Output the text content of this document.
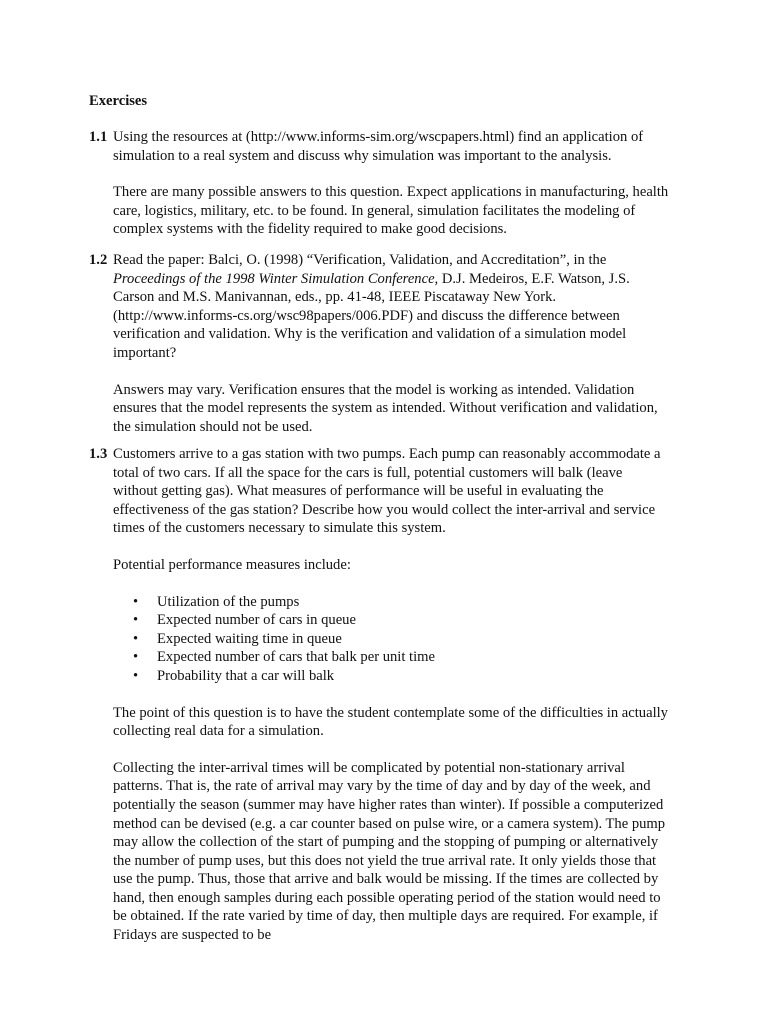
Exercises
1.1 Using the resources at (http://www.informs-sim.org/wscpapers.html) find an application of simulation to a real system and discuss why simulation was important to the analysis.

There are many possible answers to this question. Expect applications in manufacturing, health care, logistics, military, etc. to be found. In general, simulation facilitates the modeling of complex systems with the fidelity required to make good decisions.

1.2 Read the paper: Balci, O. (1998) “Verification, Validation, and Accreditation”, in the Proceedings of the 1998 Winter Simulation Conference, D.J. Medeiros, E.F. Watson, J.S. Carson and M.S. Manivannan, eds., pp. 41-48, IEEE Piscataway New York. (http://www.informs-cs.org/wsc98papers/006.PDF) and discuss the difference between verification and validation. Why is the verification and validation of a simulation model important?

Answers may vary. Verification ensures that the model is working as intended. Validation ensures that the model represents the system as intended. Without verification and validation, the simulation should not be used.

1.3 Customers arrive to a gas station with two pumps. Each pump can reasonably accommodate a total of two cars. If all the space for the cars is full, potential customers will balk (leave without getting gas). What measures of performance will be useful in evaluating the effectiveness of the gas station? Describe how you would collect the inter-arrival and service times of the customers necessary to simulate this system.

Potential performance measures include:

• Utilization of the pumps
• Expected number of cars in queue
• Expected waiting time in queue
• Expected number of cars that balk per unit time
• Probability that a car will balk

The point of this question is to have the student contemplate some of the difficulties in actually collecting real data for a simulation.

Collecting the inter-arrival times will be complicated by potential non-stationary arrival patterns. That is, the rate of arrival may vary by the time of day and by day of the week, and potentially the season (summer may have higher rates than winter). If possible a computerized method can be devised (e.g. a car counter based on pulse wire, or a camera system). The pump may allow the collection of the start of pumping and the stopping of pumping or alternatively the number of pump uses, but this does not yield the true arrival rate. It only yields those that use the pump. Thus, those that arrive and balk would be missing. If the times are collected by hand, then enough samples during each possible operating period of the station would need to be obtained. If the rate varied by time of day, then multiple days are required. For example, if Fridays are suspected to be
